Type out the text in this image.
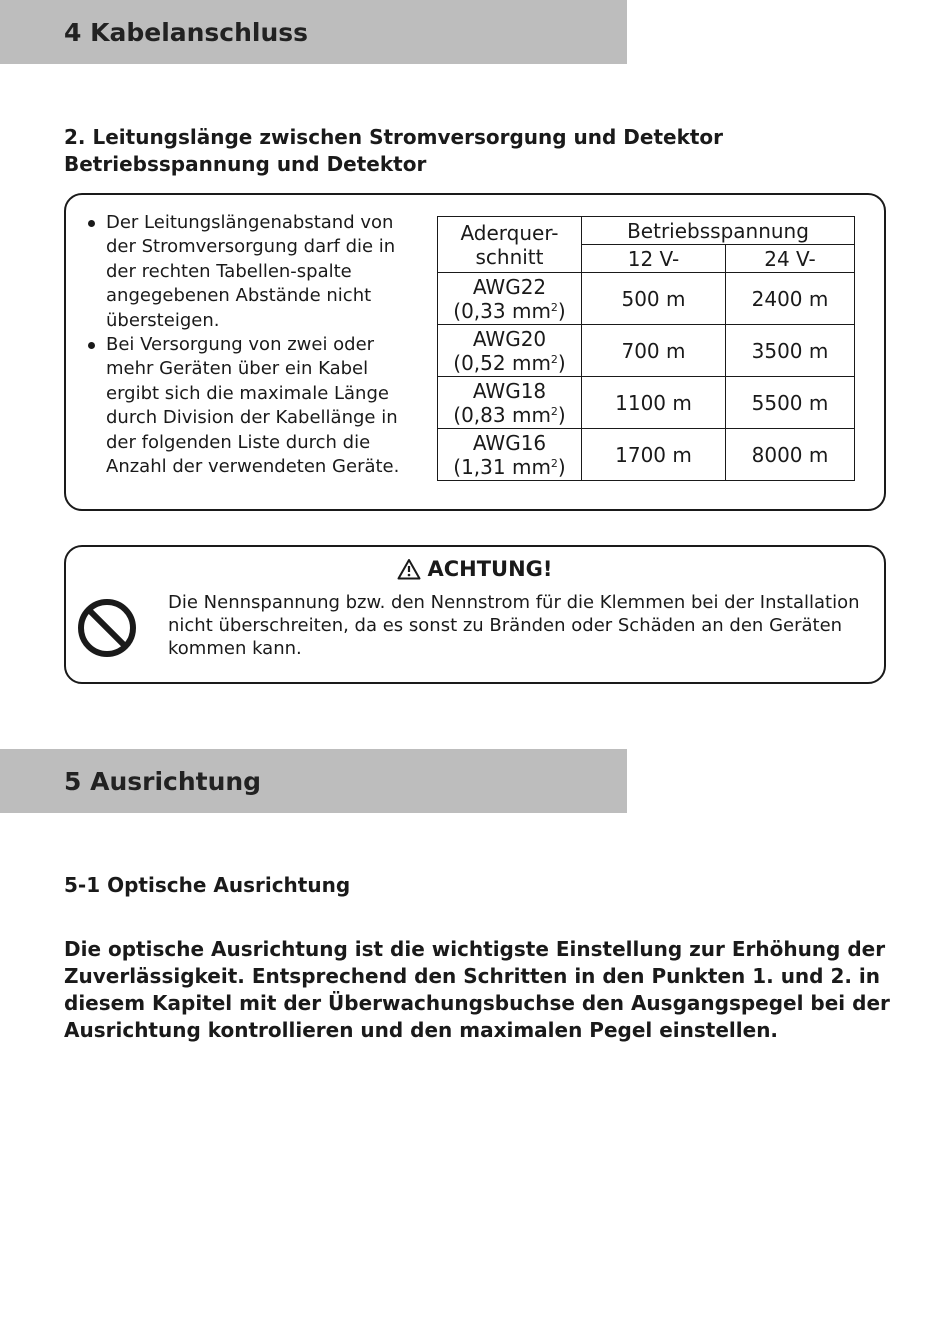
4 Kabelanschluss
2. Leitungslänge zwischen Stromversorgung und Detektor Betriebsspannung und Detektor
Der Leitungslängenabstand von der Stromversorgung darf die in der rechten Tabellen-spalte angegebenen Abstände nicht übersteigen.
Bei Versorgung von zwei oder mehr Geräten über ein Kabel ergibt sich die maximale Länge durch Division der Kabellänge in der folgenden Liste durch die Anzahl der verwendeten Geräte.
Aderquer-
schnitt	Betriebsspannung	
	12 V-	24 V-

AWG22
(0,33 $mm^2$)	500 m	2400 m

AWG20
(0,52 $mm^2$)	700 m	3500 m

AWG18
(0,83 $mm^2$)	1100 m	5500 m

AWG16
(1,31 $mm^2$)	1700 m	8000 m
ACHTUNG!

Die Nennspannung bzw. den Nennstrom für die Klemmen bei der Installation nicht überschreiten, da es sonst zu Bränden oder Schäden an den Geräten kommen kann.

5 Ausrichtung
5-1 Optische Ausrichtung

Die optische Ausrichtung ist die wichtigste Einstellung zur Erhöhung der Zuverlässigkeit. Entsprechend den Schritten in den Punkten 1. und 2. in diesem Kapitel mit der Überwachungsbuchse den Ausgangspegel bei der Ausrichtung kontrollieren und den maximalen Pegel einstellen.
